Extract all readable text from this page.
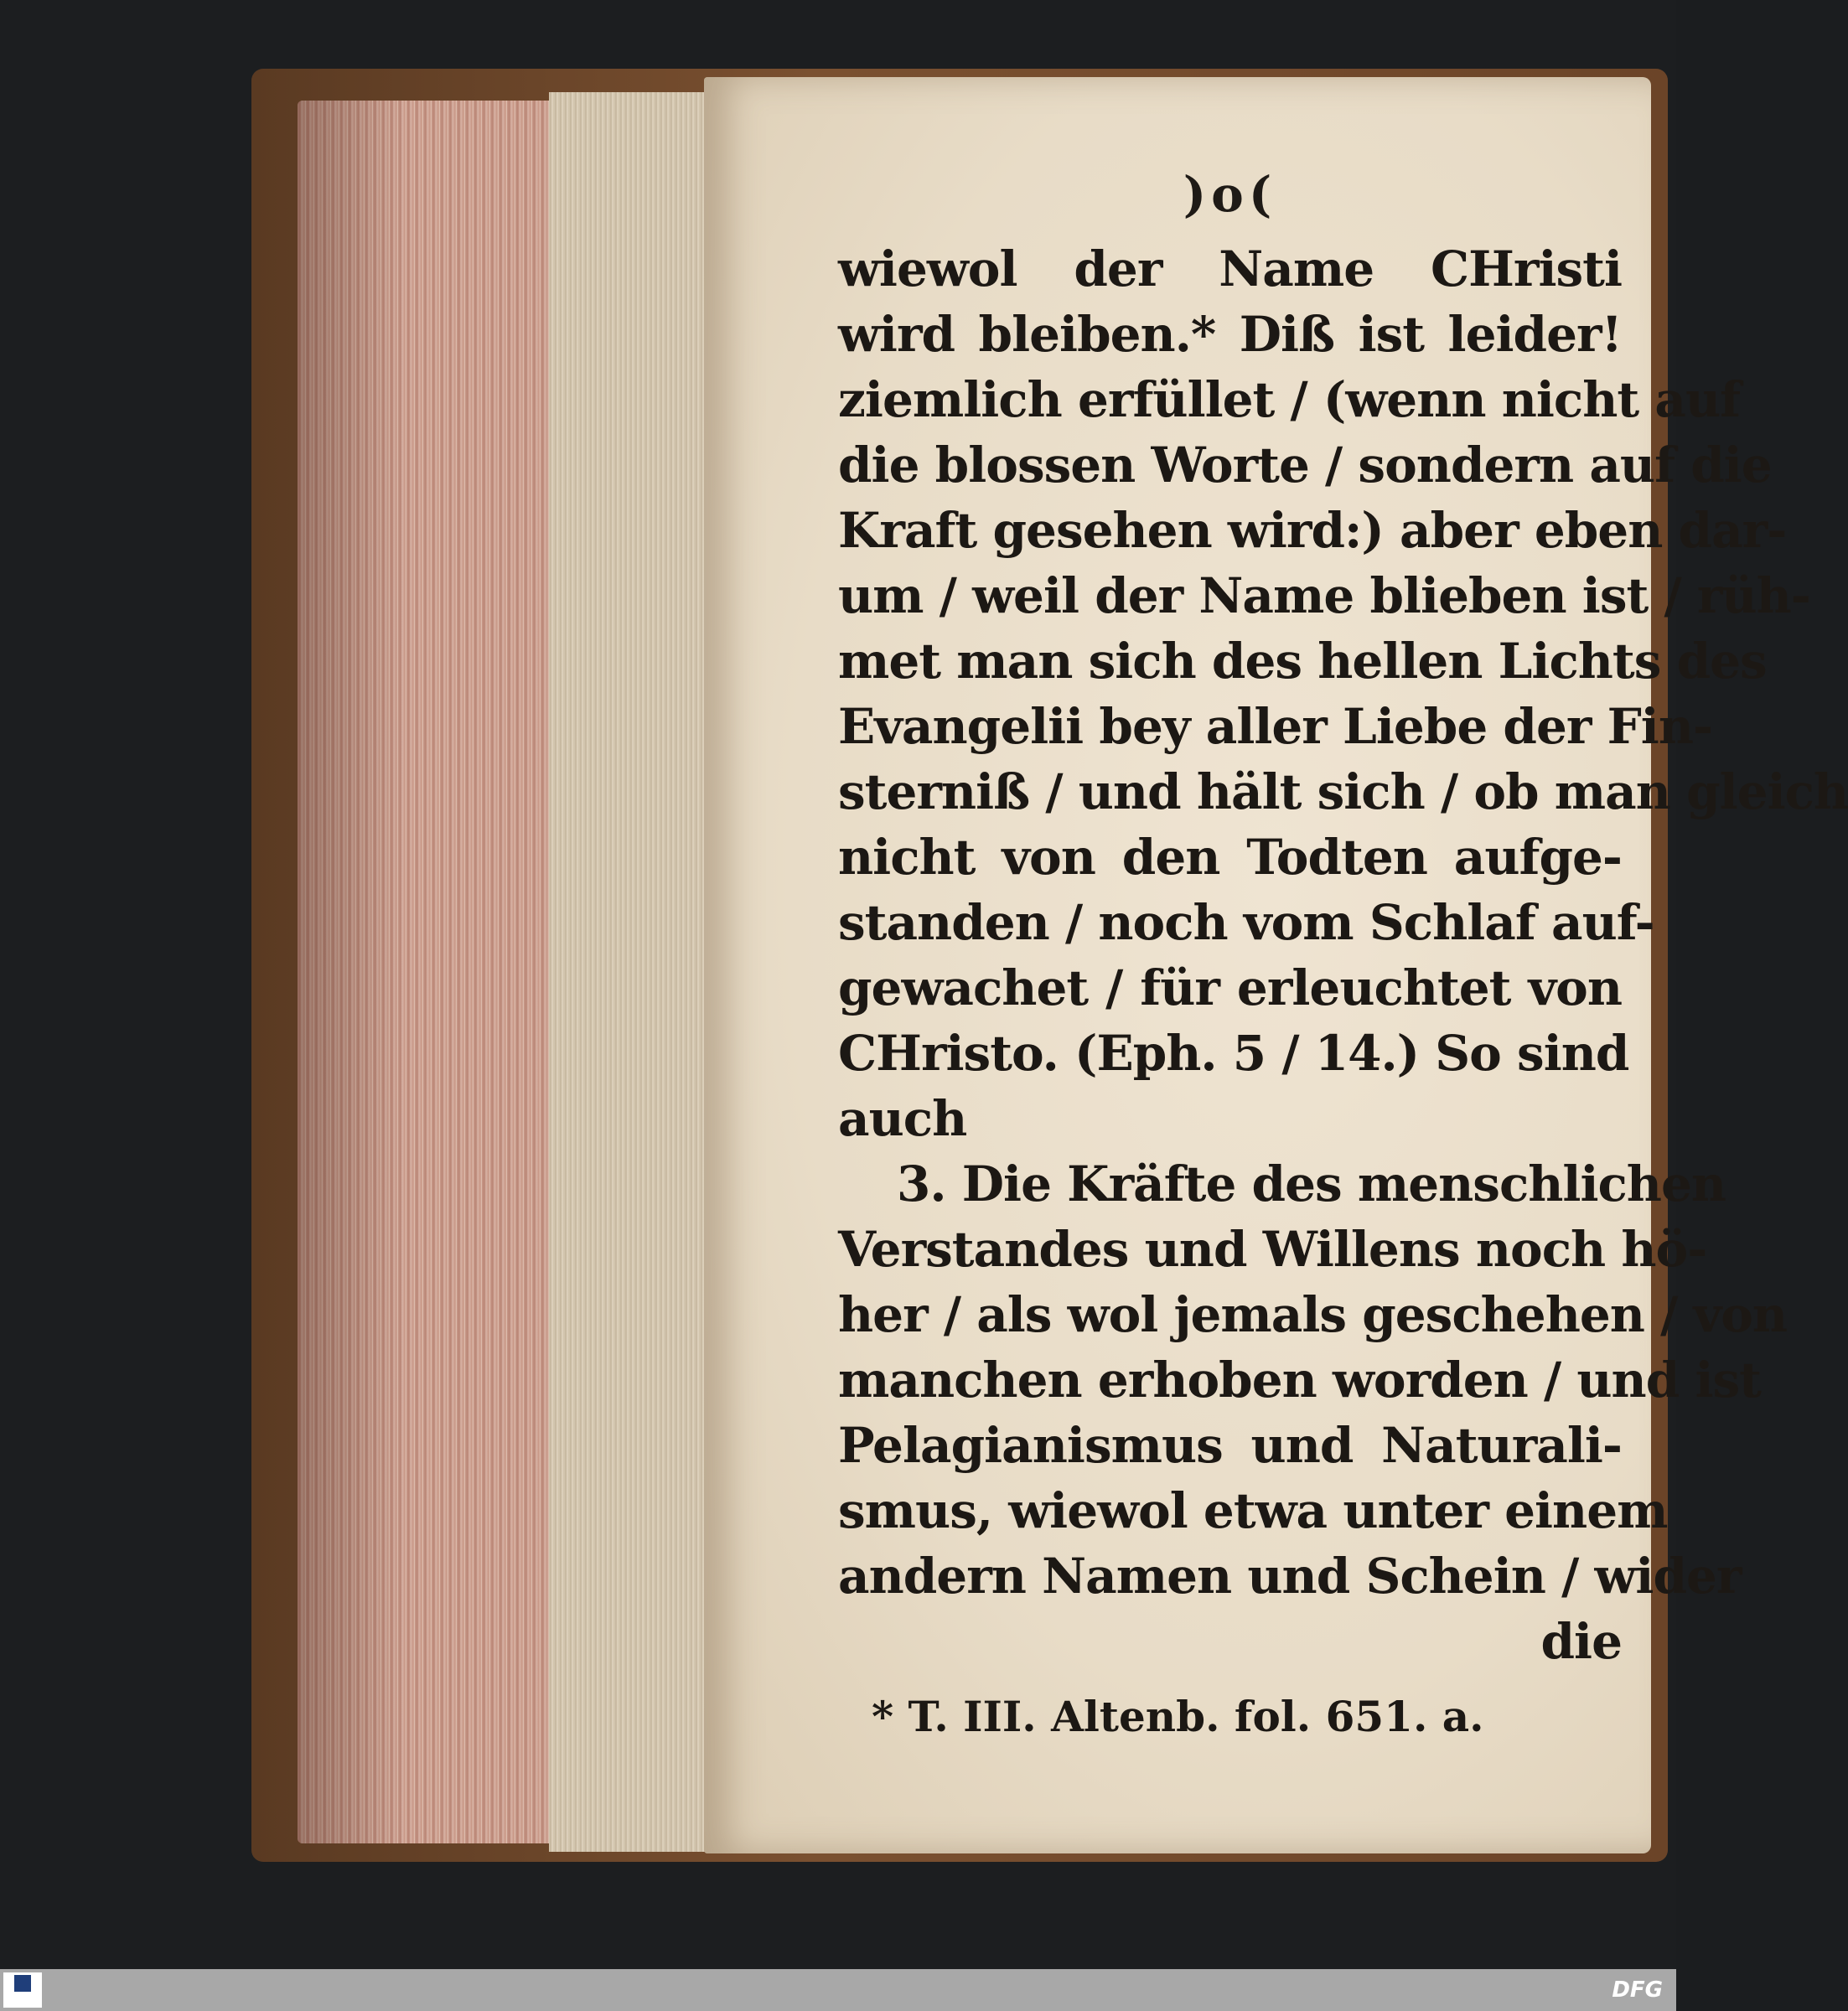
)o(
wiewol der Name CHristi
wird bleiben.* Diß ist leider!
ziemlich erfüllet / (wenn nicht auf
die blossen Worte / sondern auf die
Kraft gesehen wird:) aber eben dar-
um / weil der Name blieben ist / rüh-
met man sich des hellen Lichts des
Evangelii bey aller Liebe der Fin-
sterniß / und hält sich / ob man gleich
nicht von den Todten aufge-
standen / noch vom Schlaf auf-
gewachet / für erleuchtet von
CHristo. (Eph. 5 / 14.) So sind
auch
3. Die Kräfte des menschlichen
Verstandes und Willens noch hö-
her / als wol jemals geschehen / von
manchen erhoben worden / und ist
Pelagianismus und Naturali-
smus, wiewol etwa unter einem
andern Namen und Schein / wider
die
* T. III. Altenb. fol. 651. a.
DFG
